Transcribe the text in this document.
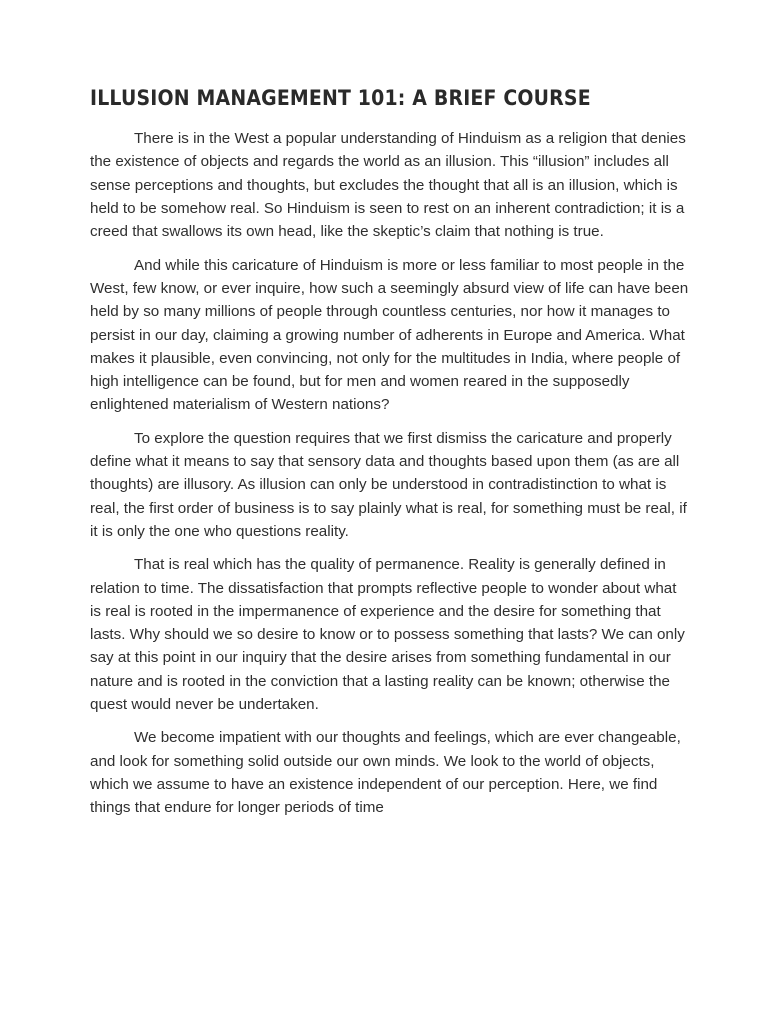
ILLUSION MANAGEMENT 101: A BRIEF COURSE

There is in the West a popular understanding of Hinduism as a religion that denies the existence of objects and regards the world as an illusion. This “illusion” includes all sense perceptions and thoughts, but excludes the thought that all is an illusion, which is held to be somehow real. So Hinduism is seen to rest on an inherent contradiction; it is a creed that swallows its own head, like the skeptic’s claim that nothing is true.

And while this caricature of Hinduism is more or less familiar to most people in the West, few know, or ever inquire, how such a seemingly absurd view of life can have been held by so many millions of people through countless centuries, nor how it manages to persist in our day, claiming a growing number of adherents in Europe and America. What makes it plausible, even convincing, not only for the multitudes in India, where people of high intelligence can be found, but for men and women reared in the supposedly enlightened materialism of Western nations?

To explore the question requires that we first dismiss the caricature and properly define what it means to say that sensory data and thoughts based upon them (as are all thoughts) are illusory. As illusion can only be understood in contradistinction to what is real, the first order of business is to say plainly what is real, for something must be real, if it is only the one who questions reality.

That is real which has the quality of permanence. Reality is generally defined in relation to time. The dissatisfaction that prompts reflective people to wonder about what is real is rooted in the impermanence of experience and the desire for something that lasts. Why should we so desire to know or to possess something that lasts? We can only say at this point in our inquiry that the desire arises from something fundamental in our nature and is rooted in the conviction that a lasting reality can be known; otherwise the quest would never be undertaken.

We become impatient with our thoughts and feelings, which are ever changeable, and look for something solid outside our own minds. We look to the world of objects, which we assume to have an existence independent of our perception. Here, we find things that endure for longer periods of time
